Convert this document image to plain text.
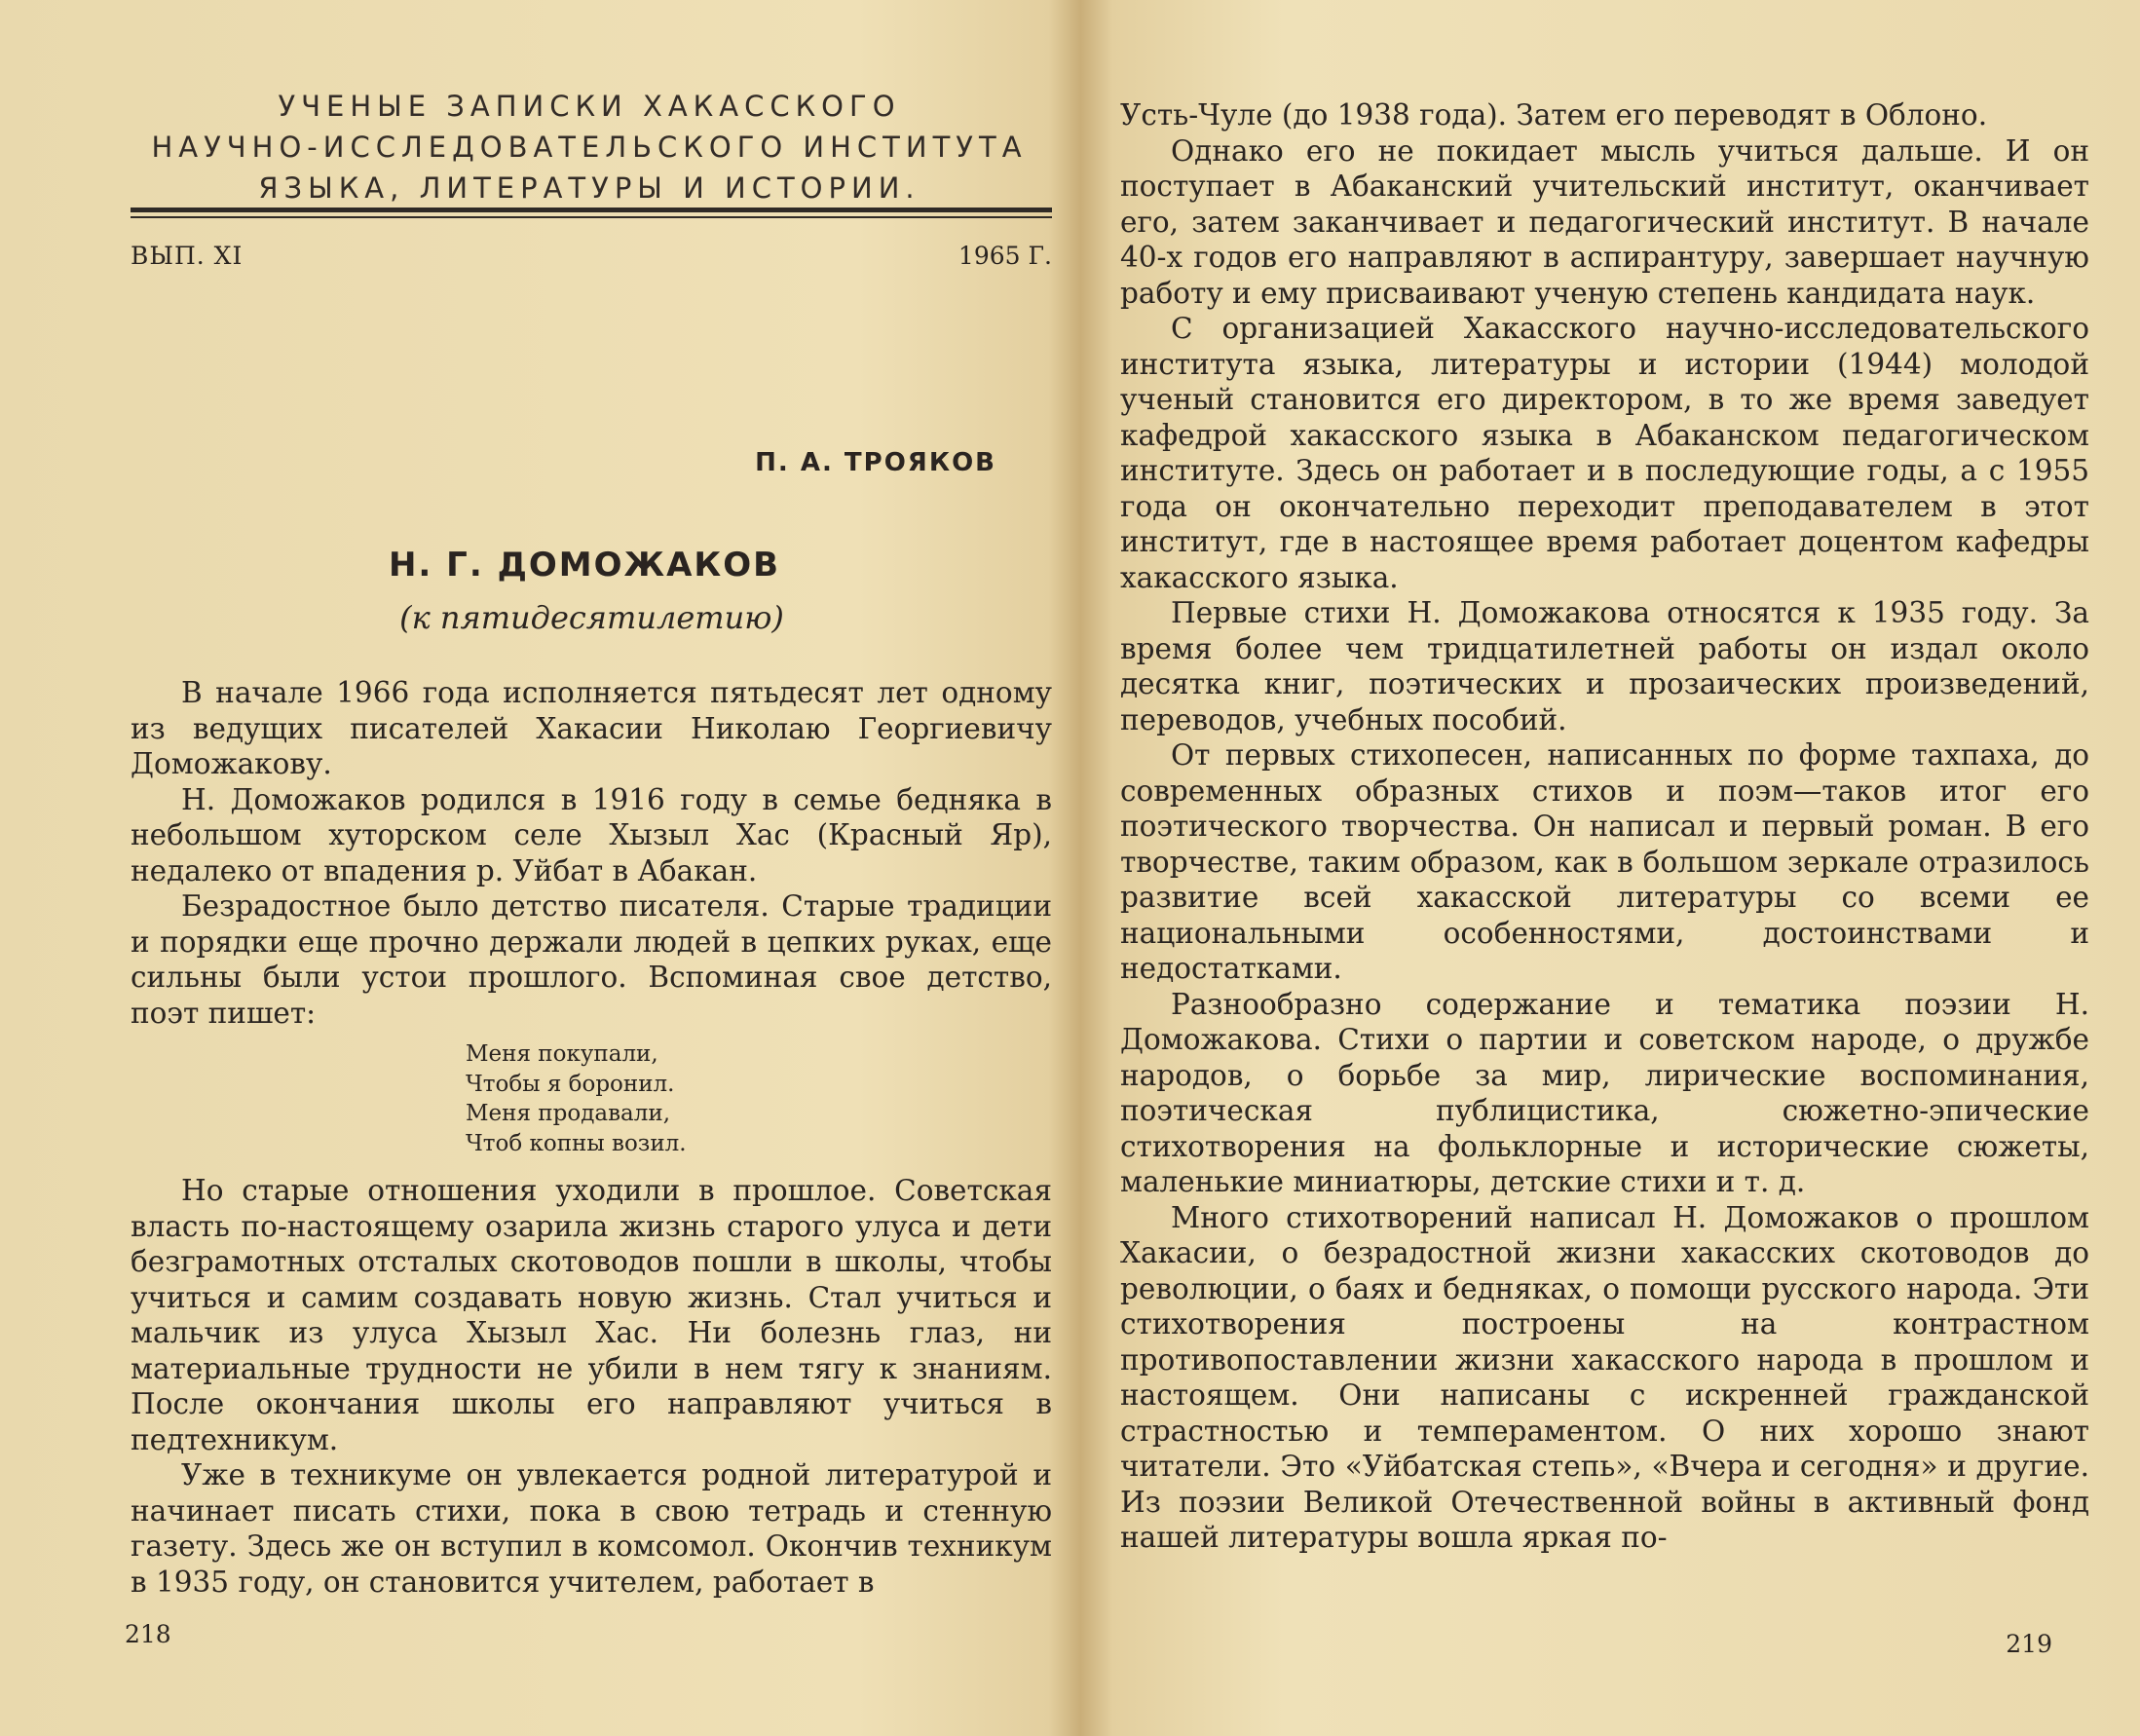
УЧЕНЫЕ ЗАПИСКИ ХАКАССКОГО
НАУЧНО-ИССЛЕДОВАТЕЛЬСКОГО ИНСТИТУТА
ЯЗЫКА, ЛИТЕРАТУРЫ И ИСТОРИИ.
ВЫП. XI	1965 Г.
П. А. ТРОЯКОВ
Н. Г. ДОМОЖАКОВ
(к пятидесятилетию)

В начале 1966 года исполняется пятьдесят лет одному из ведущих писателей Хакасии Николаю Георгиевичу Доможакову.

Н. Доможаков родился в 1916 году в семье бедняка в небольшом хуторском селе Хызыл Хас (Красный Яр), недалеко от впадения р. Уйбат в Абакан.

Безрадостное было детство писателя. Старые традиции и порядки еще прочно держали людей в цепких руках, еще сильны были устои прошлого. Вспоминая свое детство, поэт пишет:

Меня покупали,
Чтобы я боронил.
Меня продавали,
Чтоб копны возил.

Но старые отношения уходили в прошлое. Советская власть по-настоящему озарила жизнь старого улуса и дети безграмотных отсталых скотоводов пошли в школы, чтобы учиться и самим создавать новую жизнь. Стал учиться и мальчик из улуса Хызыл Хас. Ни болезнь глаз, ни материальные трудности не убили в нем тягу к знаниям. После окончания школы его направляют учиться в педтехникум.

Уже в техникуме он увлекается родной литературой и начинает писать стихи, пока в свою тетрадь и стенную газету. Здесь же он вступил в комсомол. Окончив техникум в 1935 году, он становится учителем, работает в

218

Усть-Чуле (до 1938 года). Затем его переводят в Облоно.

Однако его не покидает мысль учиться дальше. И он поступает в Абаканский учительский институт, оканчивает его, затем заканчивает и педагогический институт. В начале 40-х годов его направляют в аспирантуру, завершает научную работу и ему присваивают ученую степень кандидата наук.

С организацией Хакасского научно-исследовательского института языка, литературы и истории (1944) молодой ученый становится его директором, в то же время заведует кафедрой хакасского языка в Абаканском педагогическом институте. Здесь он работает и в последующие годы, а с 1955 года он окончательно переходит преподавателем в этот институт, где в настоящее время работает доцентом кафедры хакасского языка.

Первые стихи Н. Доможакова относятся к 1935 году. За время более чем тридцатилетней работы он издал около десятка книг, поэтических и прозаических произведений, переводов, учебных пособий.

От первых стихопесен, написанных по форме тахпаха, до современных образных стихов и поэм—таков итог его поэтического творчества. Он написал и первый роман. В его творчестве, таким образом, как в большом зеркале отразилось развитие всей хакасской литературы со всеми ее национальными особенностями, достоинствами и недостатками.

Разнообразно содержание и тематика поэзии Н. Доможакова. Стихи о партии и советском народе, о дружбе народов, о борьбе за мир, лирические воспоминания, поэтическая публицистика, сюжетно-эпические стихотворения на фольклорные и исторические сюжеты, маленькие миниатюры, детские стихи и т. д.

Много стихотворений написал Н. Доможаков о прошлом Хакасии, о безрадостной жизни хакасских скотоводов до революции, о баях и бедняках, о помощи русского народа. Эти стихотворения построены на контрастном противопоставлении жизни хакасского народа в прошлом и настоящем. Они написаны с искренней гражданской страстностью и темпераментом. О них хорошо знают читатели. Это «Уйбатская степь», «Вчера и сегодня» и другие. Из поэзии Великой Отечественной войны в активный фонд нашей литературы вошла яркая по-

219
